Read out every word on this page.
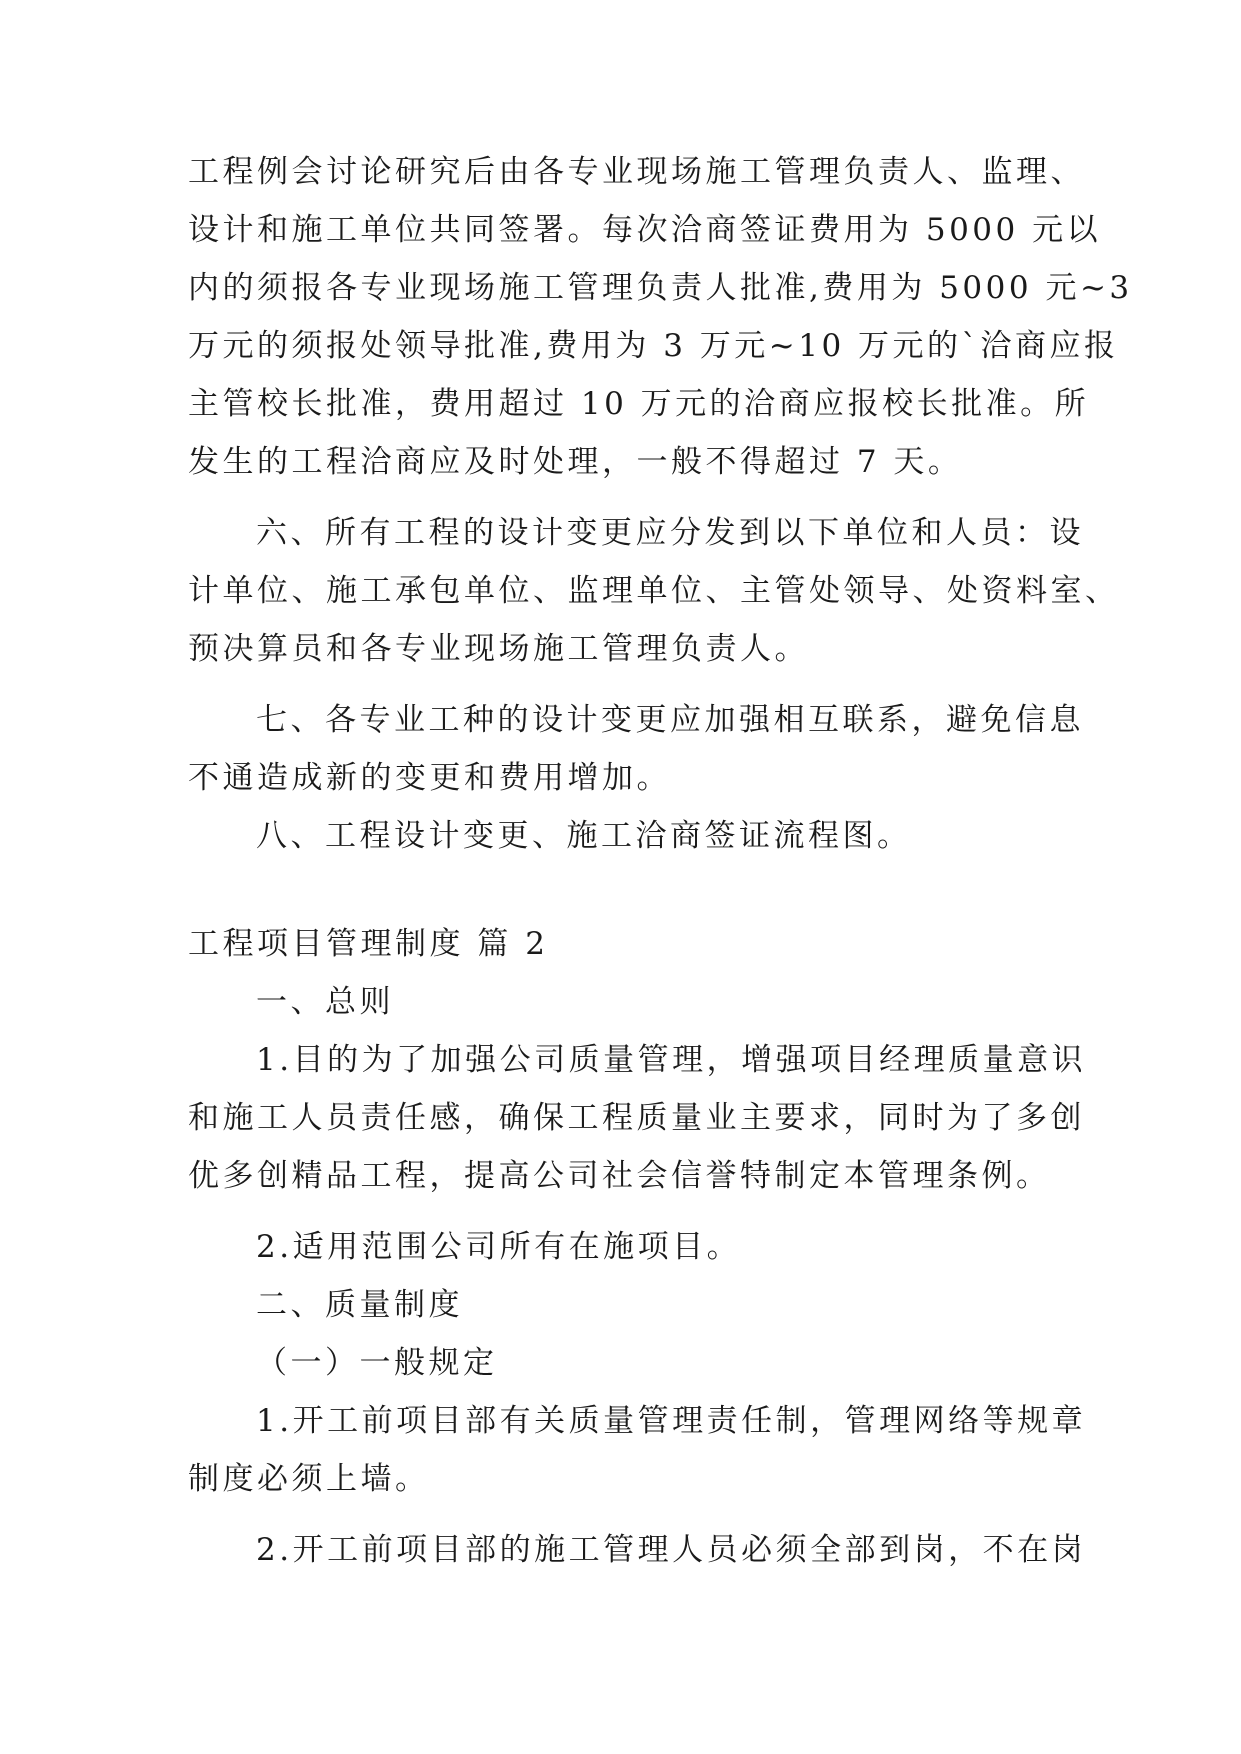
工程例会讨论研究后由各专业现场施工管理负责人、监理、
设计和施工单位共同签署。每次洽商签证费用为 5000 元以
内的须报各专业现场施工管理负责人批准,费用为 5000 元~3
万元的须报处领导批准,费用为 3 万元~10 万元的`洽商应报
主管校长批准，费用超过 10 万元的洽商应报校长批准。所
发生的工程洽商应及时处理，一般不得超过 7 天。
六、所有工程的设计变更应分发到以下单位和人员：设
计单位、施工承包单位、监理单位、主管处领导、处资料室、
预决算员和各专业现场施工管理负责人。
七、各专业工种的设计变更应加强相互联系，避免信息
不通造成新的变更和费用增加。
八、工程设计变更、施工洽商签证流程图。
工程项目管理制度 篇 2
一、总则
1.目的为了加强公司质量管理，增强项目经理质量意识
和施工人员责任感，确保工程质量业主要求，同时为了多创
优多创精品工程，提高公司社会信誉特制定本管理条例。
2.适用范围公司所有在施项目。
二、质量制度
（一）一般规定
1.开工前项目部有关质量管理责任制，管理网络等规章
制度必须上墙。
2.开工前项目部的施工管理人员必须全部到岗，不在岗
